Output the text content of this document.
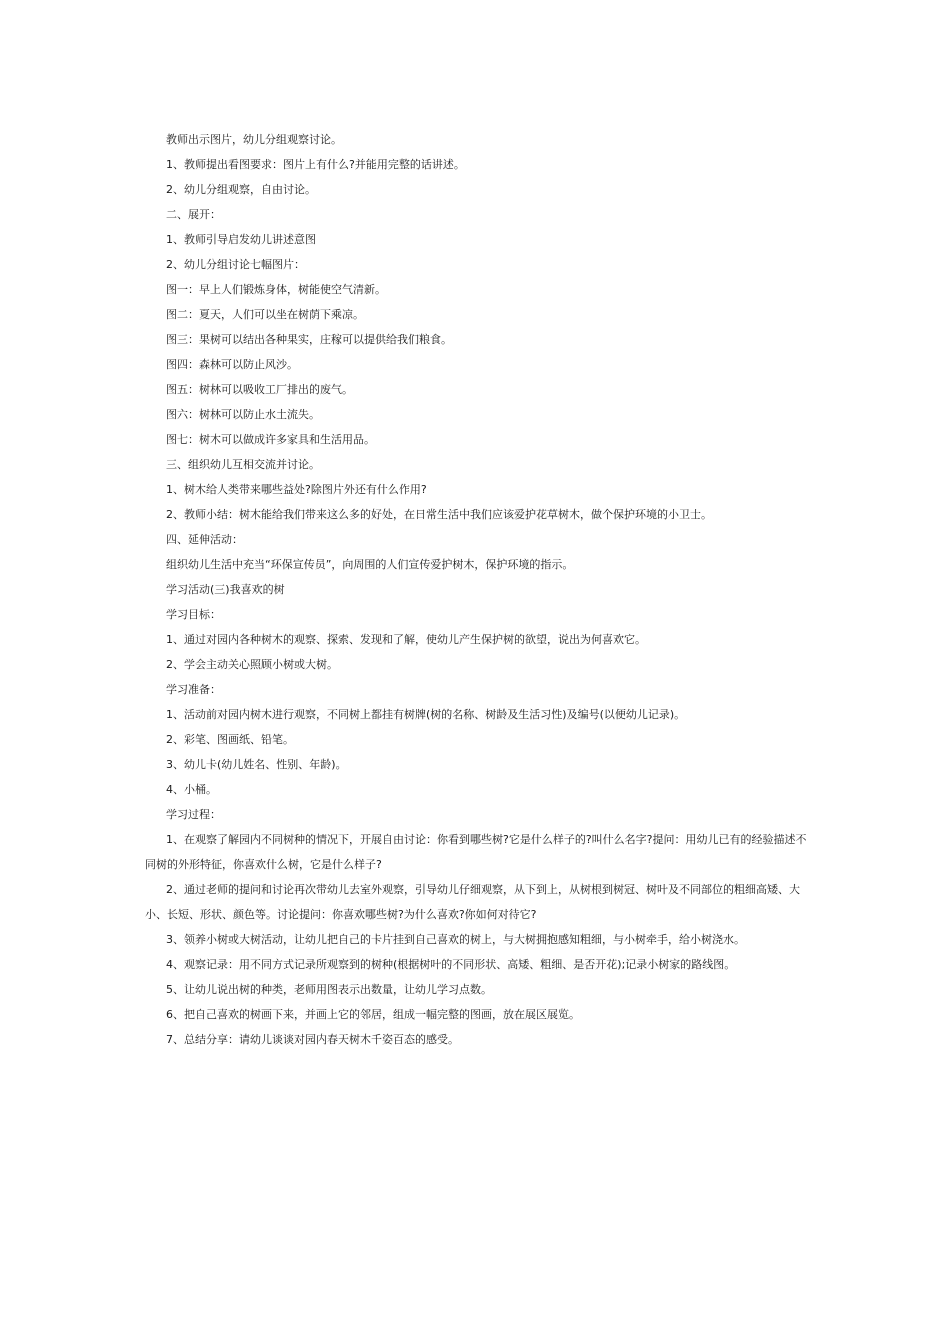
教师出示图片，幼儿分组观察讨论。

1、教师提出看图要求：图片上有什么?并能用完整的话讲述。

2、幼儿分组观察，自由讨论。

二、展开：

1、教师引导启发幼儿讲述意图

2、幼儿分组讨论七幅图片：

图一：早上人们锻炼身体，树能使空气清新。

图二：夏天，人们可以坐在树荫下乘凉。

图三：果树可以结出各种果实，庄稼可以提供给我们粮食。

图四：森林可以防止风沙。

图五：树林可以吸收工厂排出的废气。

图六：树林可以防止水土流失。

图七：树木可以做成许多家具和生活用品。

三、组织幼儿互相交流并讨论。

1、树木给人类带来哪些益处?除图片外还有什么作用?

2、教师小结：树木能给我们带来这么多的好处，在日常生活中我们应该爱护花草树木，做个保护环境的小卫士。

四、延伸活动：

组织幼儿生活中充当“环保宣传员”，向周围的人们宣传爱护树木，保护环境的指示。

学习活动(三)我喜欢的树

学习目标：

1、通过对园内各种树木的观察、探索、发现和了解，使幼儿产生保护树的欲望，说出为何喜欢它。

2、学会主动关心照顾小树或大树。

学习准备：

1、活动前对园内树木进行观察，不同树上都挂有树牌(树的名称、树龄及生活习性)及编号(以便幼儿记录)。

2、彩笔、图画纸、铅笔。

3、幼儿卡(幼儿姓名、性别、年龄)。

4、小桶。

学习过程：

1、在观察了解园内不同树种的情况下，开展自由讨论：你看到哪些树?它是什么样子的?叫什么名字?提问：用幼儿已有的经验描述不同树的外形特征，你喜欢什么树，它是什么样子?

2、通过老师的提问和讨论再次带幼儿去室外观察，引导幼儿仔细观察，从下到上，从树根到树冠、树叶及不同部位的粗细高矮、大小、长短、形状、颜色等。讨论提问：你喜欢哪些树?为什么喜欢?你如何对待它?

3、领养小树或大树活动，让幼儿把自己的卡片挂到自己喜欢的树上，与大树拥抱感知粗细，与小树牵手，给小树浇水。

4、观察记录：用不同方式记录所观察到的树种(根据树叶的不同形状、高矮、粗细、是否开花);记录小树家的路线图。

5、让幼儿说出树的种类，老师用图表示出数量，让幼儿学习点数。

6、把自己喜欢的树画下来，并画上它的邻居，组成一幅完整的图画，放在展区展览。

7、总结分享：请幼儿谈谈对园内春天树木千姿百态的感受。
